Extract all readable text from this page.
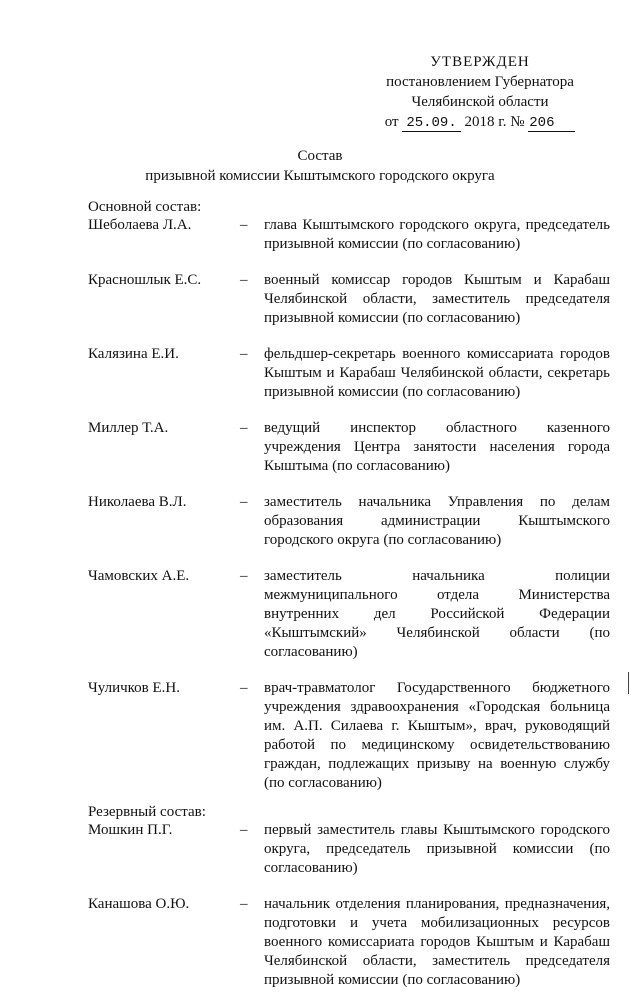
УТВЕРЖДЕН
постановлением Губернатора
Челябинской области
от 25.09. 2018 г. № 206
Состав
призывной комиссии Кыштымского городского округа
Основной состав:
Шеболаева Л.А.	–	глава Кыштымского городского округа, председатель призывной комиссии (по согласованию)
Красношлык Е.С.	–	военный комиссар городов Кыштым и Карабаш Челябинской области, заместитель председателя призывной комиссии (по согласованию)
Калязина Е.И.	–	фельдшер-секретарь военного комиссариата городов Кыштым и Карабаш Челябинской области, секретарь призывной комиссии (по согласованию)
Миллер Т.А.	–	ведущий инспектор областного казенного учреждения Центра занятости населения города Кыштыма (по согласованию)
Николаева В.Л.	–	заместитель начальника Управления по делам образования администрации Кыштымского городского округа (по согласованию)
Чамовских А.Е.	–	заместитель начальника полиции межмуниципального отдела Министерства внутренних дел Российской Федерации «Кыштымский» Челябинской области (по согласованию)
Чуличков Е.Н.	–	врач-травматолог Государственного бюджетного учреждения здравоохранения «Городская больница им. А.П. Силаева г. Кыштым», врач, руководящий работой по медицинскому освидетельствованию граждан, подлежащих призыву на военную службу (по согласованию)
Резервный состав:
Мошкин П.Г.	–	первый заместитель главы Кыштымского городского округа, председатель призывной комиссии (по согласованию)
Канашова О.Ю.	–	начальник отделения планирования, предназначения, подготовки и учета мобилизационных ресурсов военного комиссариата городов Кыштым и Карабаш Челябинской области, заместитель председателя призывной комиссии (по согласованию)
